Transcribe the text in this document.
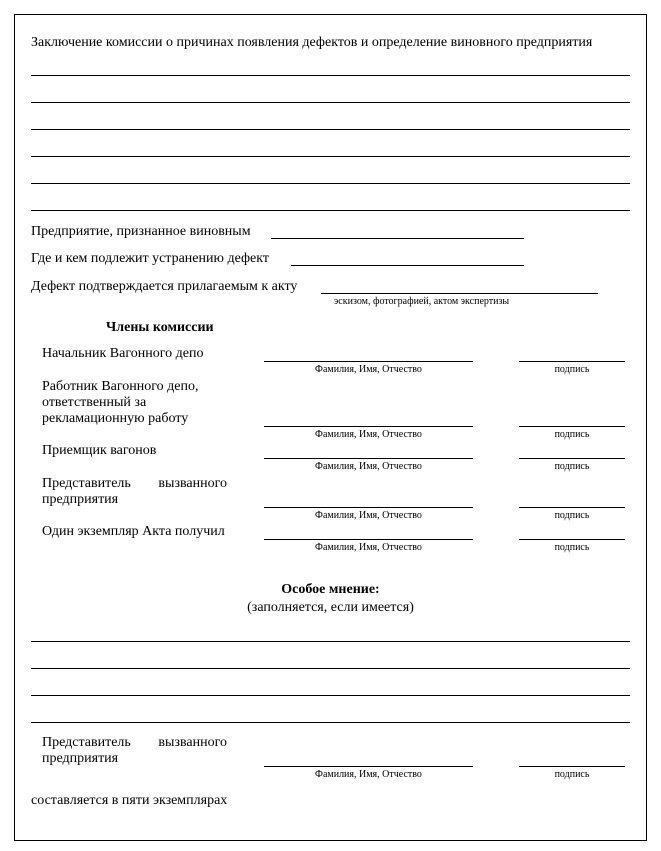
Заключение комиссии о причинах появления дефектов и определение виновного предприятия
Предприятие, признанное виновным
Где и кем подлежит устранению дефект
Дефект подтверждается прилагаемым к акту
эскизом, фотографией, актом экспертизы
Члены комиссии
Начальник Вагонного депо
Фамилия, Имя, Отчество	подпись
Работник Вагонного депо,
ответственный за
рекламационную работу
Фамилия, Имя, Отчество	подпись
Приемщик вагонов
Фамилия, Имя, Отчество	подпись
Представитель вызванного
предприятия
Фамилия, Имя, Отчество	подпись
Один экземпляр Акта получил
Фамилия, Имя, Отчество	подпись
Особое мнение:
(заполняется, если имеется)
Представитель вызванного
предприятия
Фамилия, Имя, Отчество	подпись
составляется в пяти экземплярах
